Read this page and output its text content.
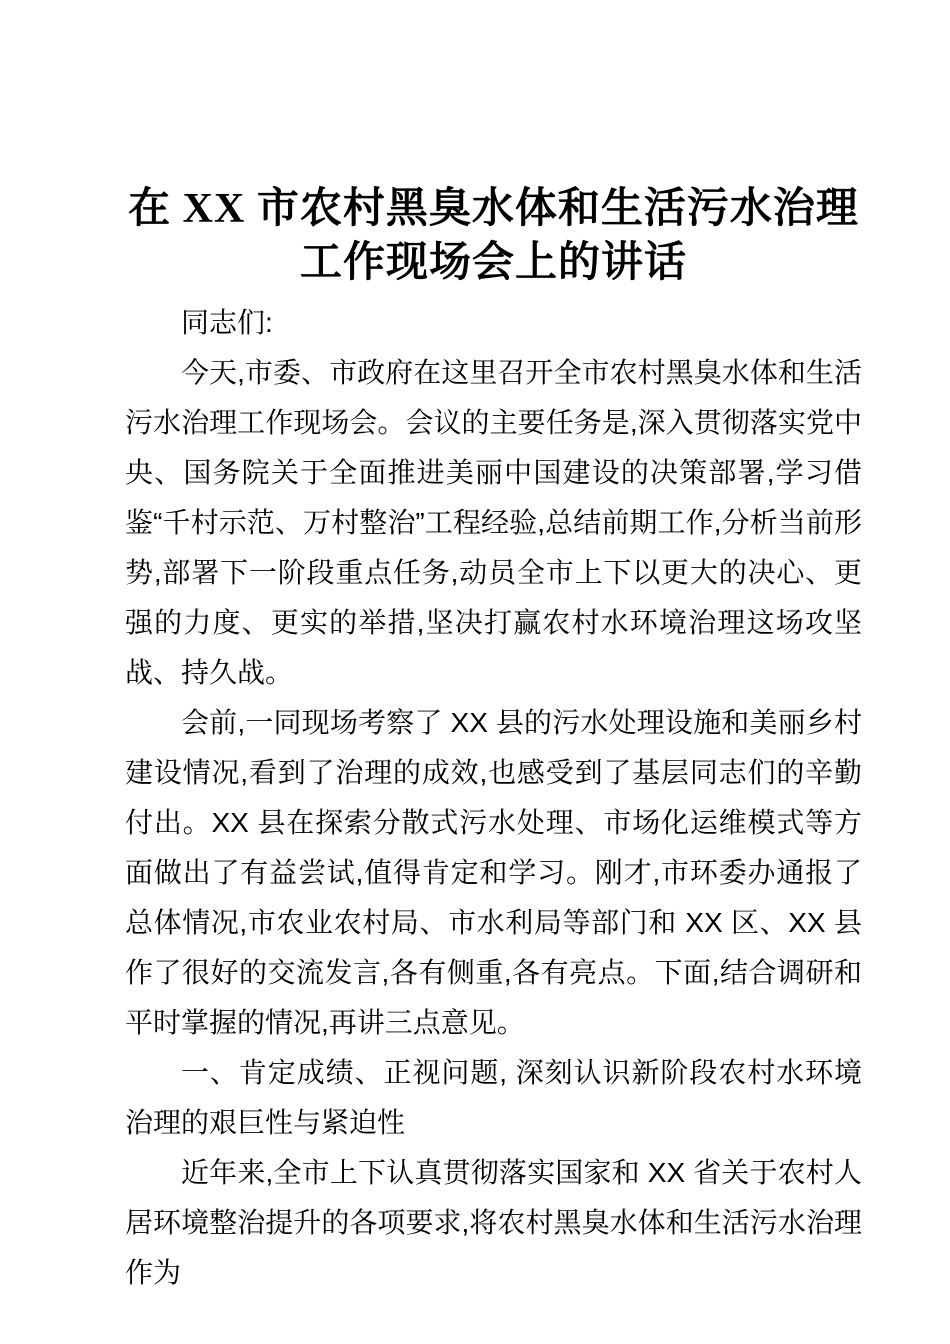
在 XX 市农村黑臭水体和生活污水治理
工作现场会上的讲话

同志们:

今天,市委、市政府在这里召开全市农村黑臭水体和生活污水治理工作现场会。会议的主要任务是,深入贯彻落实党中央、国务院关于全面推进美丽中国建设的决策部署,学习借鉴“千村示范、万村整治”工程经验,总结前期工作,分析当前形势,部署下一阶段重点任务,动员全市上下以更大的决心、更强的力度、更实的举措,坚决打赢农村水环境治理这场攻坚战、持久战。

会前,一同现场考察了 XX 县的污水处理设施和美丽乡村建设情况,看到了治理的成效,也感受到了基层同志们的辛勤付出。XX 县在探索分散式污水处理、市场化运维模式等方面做出了有益尝试,值得肯定和学习。刚才,市环委办通报了总体情况,市农业农村局、市水利局等部门和 XX 区、XX 县作了很好的交流发言,各有侧重,各有亮点。下面,结合调研和平时掌握的情况,再讲三点意见。

一、肯定成绩、正视问题, 深刻认识新阶段农村水环境治理的艰巨性与紧迫性

近年来,全市上下认真贯彻落实国家和 XX 省关于农村人居环境整治提升的各项要求,将农村黑臭水体和生活污水治理作为
